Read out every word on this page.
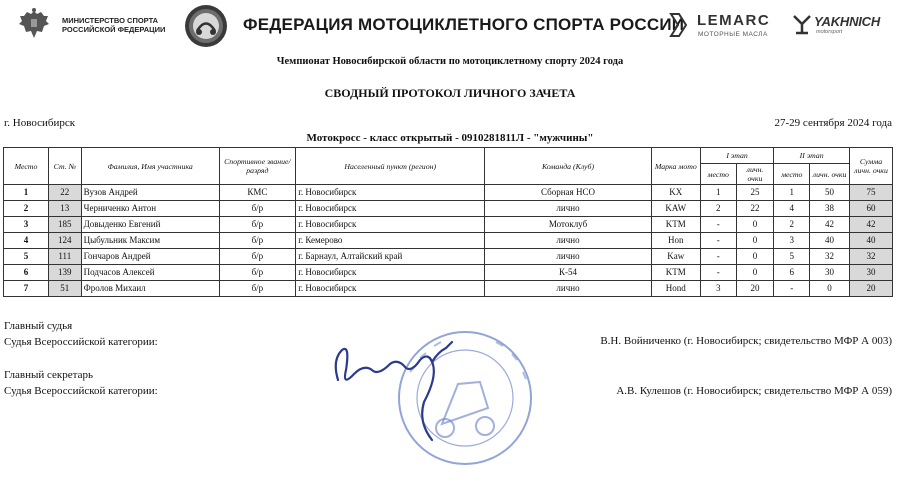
МИНИСТЕРСТВО СПОРТА
РОССИЙСКОЙ ФЕДЕРАЦИИ	ФЕДЕРАЦИЯ МОТОЦИКЛЕТНОГО СПОРТА РОССИИ LEMARC
МОТОРНЫЕ МАСЛА
YAKHNICH
motorsport
Чемпионат Новосибирской области по мотоциклетному спорту 2024 года
СВОДНЫЙ ПРОТОКОЛ ЛИЧНОГО ЗАЧЕТА
г. Новосибирск	27-29 сентября 2024 года
Мотокросс - класс открытый - 0910281811Л - "мужчины"
Место	Ст. №	Фамилия, Имя участника	Спортивное звание/разряд	Населенный пункт (регион)	Команда (Клуб)	Марка мото	I этап		II этап		Сумма личн. очки
							место	личн. очки	место	личн. очки	
1	22	Вузов Андрей	КМС	г. Новосибирск	Сборная НСО	KX	1	25	1	50	75
2	13	Черниченко Антон	б/р	г. Новосибирск	лично	KAW	2	22	4	38	60
3	185	Довыденко Евгений	б/р	г. Новосибирск	Мотоклуб	KTM	-	0	2	42	42
4	124	Цыбульник Максим	б/р	г. Кемерово	лично	Hon	-	0	3	40	40
5	111	Гончаров Андрей	б/р	г. Барнаул, Алтайский край	лично	Kaw	-	0	5	32	32
6	139	Подчасов Алексей	б/р	г. Новосибирск	К-54	KTM	-	0	6	30	30
7	51	Фролов Михаил	б/р	г. Новосибирск	лично	Hond	3	20	-	0	20
Главный судья
Судья Всероссийской категории:	В.Н. Войниченко (г. Новосибирск; свидетельство МФР А 003)
Главный секретарь
Судья Всероссийской категории:	А.В. Кулешов (г. Новосибирск; свидетельство МФР А 059)
